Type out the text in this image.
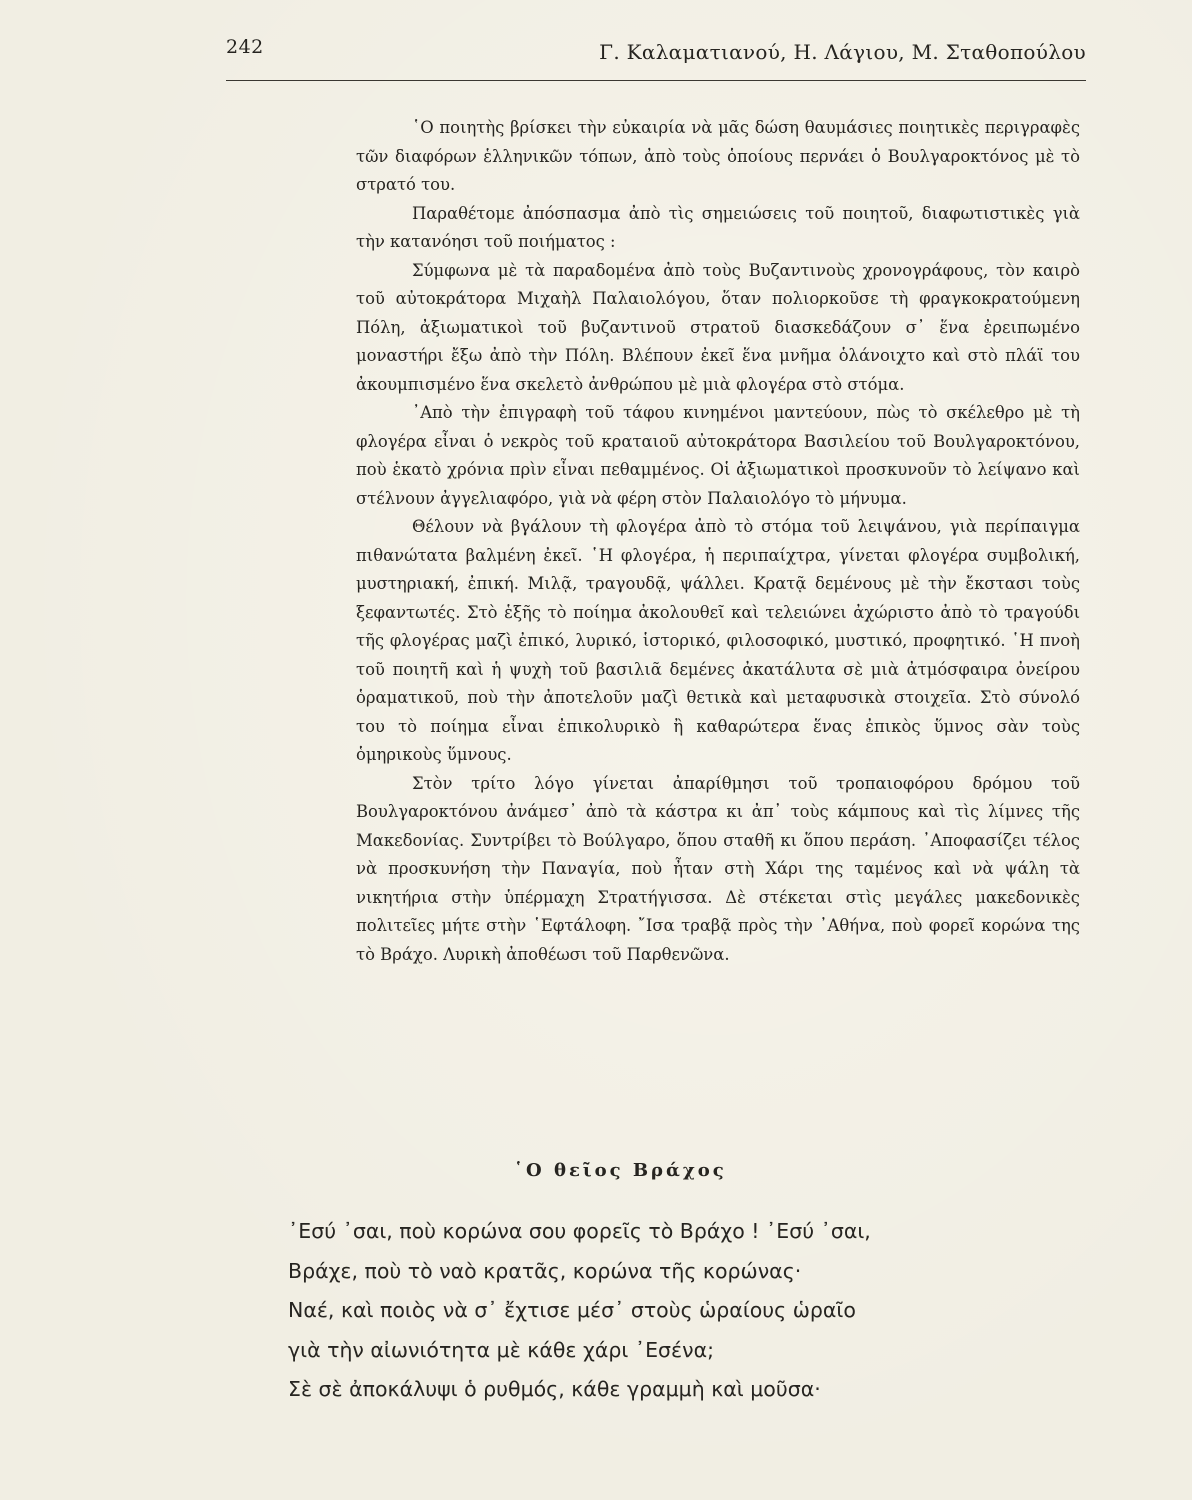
242	Γ. Καλαματιανού, Η. Λάγιου, Μ. Σταθοπούλου

῾Ο ποιητὴς βρίσκει τὴν εὐκαιρία νὰ μᾶς δώση θαυμάσιες ποιητικὲς περιγραφὲς τῶν διαφόρων ἑλληνικῶν τόπων, ἀπὸ τοὺς ὁποίους περνάει ὁ Βουλγαροκτόνος μὲ τὸ στρατό του.

Παραθέτομε ἀπόσπασμα ἀπὸ τὶς σημειώσεις τοῦ ποιητοῦ, διαφωτιστικὲς γιὰ τὴν κατανόησι τοῦ ποιήματος :

Σύμφωνα μὲ τὰ παραδομένα ἀπὸ τοὺς Βυζαντινοὺς χρονογράφους, τὸν καιρὸ τοῦ αὐτοκράτορα Μιχαὴλ Παλαιολόγου, ὅταν πολιορκοῦσε τὴ φραγκοκρατούμενη Πόλη, ἀξιωματικοὶ τοῦ βυζαντινοῦ στρατοῦ διασκεδάζουν σ᾿ ἕνα ἐρειπωμένο μοναστήρι ἔξω ἀπὸ τὴν Πόλη. Βλέπουν ἐκεῖ ἕνα μνῆμα ὁλάνοιχτο καὶ στὸ πλάϊ του ἀκουμπισμένο ἕνα σκελετὸ ἀνθρώπου μὲ μιὰ φλογέρα στὸ στόμα.

᾿Απὸ τὴν ἐπιγραφὴ τοῦ τάφου κινημένοι μαντεύουν, πὼς τὸ σκέλεθρο μὲ τὴ φλογέρα εἶναι ὁ νεκρὸς τοῦ κραταιοῦ αὐτοκράτορα Βασιλείου τοῦ Βουλγαροκτόνου, ποὺ ἑκατὸ χρόνια πρὶν εἶναι πεθαμμένος. Οἱ ἀξιωματικοὶ προσκυνοῦν τὸ λείψανο καὶ στέλνουν ἀγγελιαφόρο, γιὰ νὰ φέρη στὸν Παλαιολόγο τὸ μήνυμα.

Θέλουν νὰ βγάλουν τὴ φλογέρα ἀπὸ τὸ στόμα τοῦ λειψάνου, γιὰ περίπαιγμα πιθανώτατα βαλμένη ἐκεῖ. ῾Η φλογέρα, ἡ περιπαίχτρα, γίνεται φλογέρα συμβολική, μυστηριακή, ἐπική. Μιλᾷ, τραγουδᾷ, ψάλλει. Κρατᾷ δεμένους μὲ τὴν ἔκστασι τοὺς ξεφαντωτές. Στὸ ἑξῆς τὸ ποίημα ἀκολουθεῖ καὶ τελειώνει ἀχώριστο ἀπὸ τὸ τραγούδι τῆς φλογέρας μαζὶ ἐπικό, λυρικό, ἱστορικό, φιλοσοφικό, μυστικό, προφητικό. ῾Η πνοὴ τοῦ ποιητῆ καὶ ἡ ψυχὴ τοῦ βασιλιᾶ δεμένες ἀκατάλυτα σὲ μιὰ ἀτμόσφαιρα ὀνείρου ὁραματικοῦ, ποὺ τὴν ἀποτελοῦν μαζὶ θετικὰ καὶ μεταφυσικὰ στοιχεῖα. Στὸ σύνολό του τὸ ποίημα εἶναι ἐπικολυρικὸ ἢ καθαρώτερα ἕνας ἐπικὸς ὕμνος σὰν τοὺς ὁμηρικοὺς ὕμνους.

Στὸν τρίτο λόγο γίνεται ἀπαρίθμησι τοῦ τροπαιοφόρου δρόμου τοῦ Βουλγαροκτόνου ἀνάμεσ᾿ ἀπὸ τὰ κάστρα κι ἀπ᾿ τοὺς κάμπους καὶ τὶς λίμνες τῆς Μακεδονίας. Συντρίβει τὸ Βούλγαρο, ὅπου σταθῆ κι ὅπου περάση. ᾿Αποφασίζει τέλος νὰ προσκυνήση τὴν Παναγία, ποὺ ἦταν στὴ Χάρι της ταμένος καὶ νὰ ψάλη τὰ νικητήρια στὴν ὑπέρμαχη Στρατήγισσα. Δὲ στέκεται στὶς μεγάλες μακεδονικὲς πολιτεῖες μήτε στὴν ῾Εφτάλοφη. ῎Ισα τραβᾷ πρὸς τὴν ᾿Αθήνα, ποὺ φορεῖ κορώνα της τὸ Βράχο. Λυρικὴ ἀποθέωσι τοῦ Παρθενῶνα.

῾Ο θεῖος Βράχος
᾿Εσύ ᾿σαι, ποὺ κορώνα σου φορεῖς τὸ Βράχο ! ᾿Εσύ ᾿σαι,
Βράχε, ποὺ τὸ ναὸ κρατᾶς, κορώνα τῆς κορώνας·
Ναέ, καὶ ποιὸς νὰ σ᾿ ἔχτισε μέσ᾿ στοὺς ὡραίους ὡραῖο
γιὰ τὴν αἰωνιότητα μὲ κάθε χάρι ᾿Εσένα;
Σὲ σὲ ἀποκάλυψι ὁ ρυθμός, κάθε γραμμὴ καὶ μοῦσα·
